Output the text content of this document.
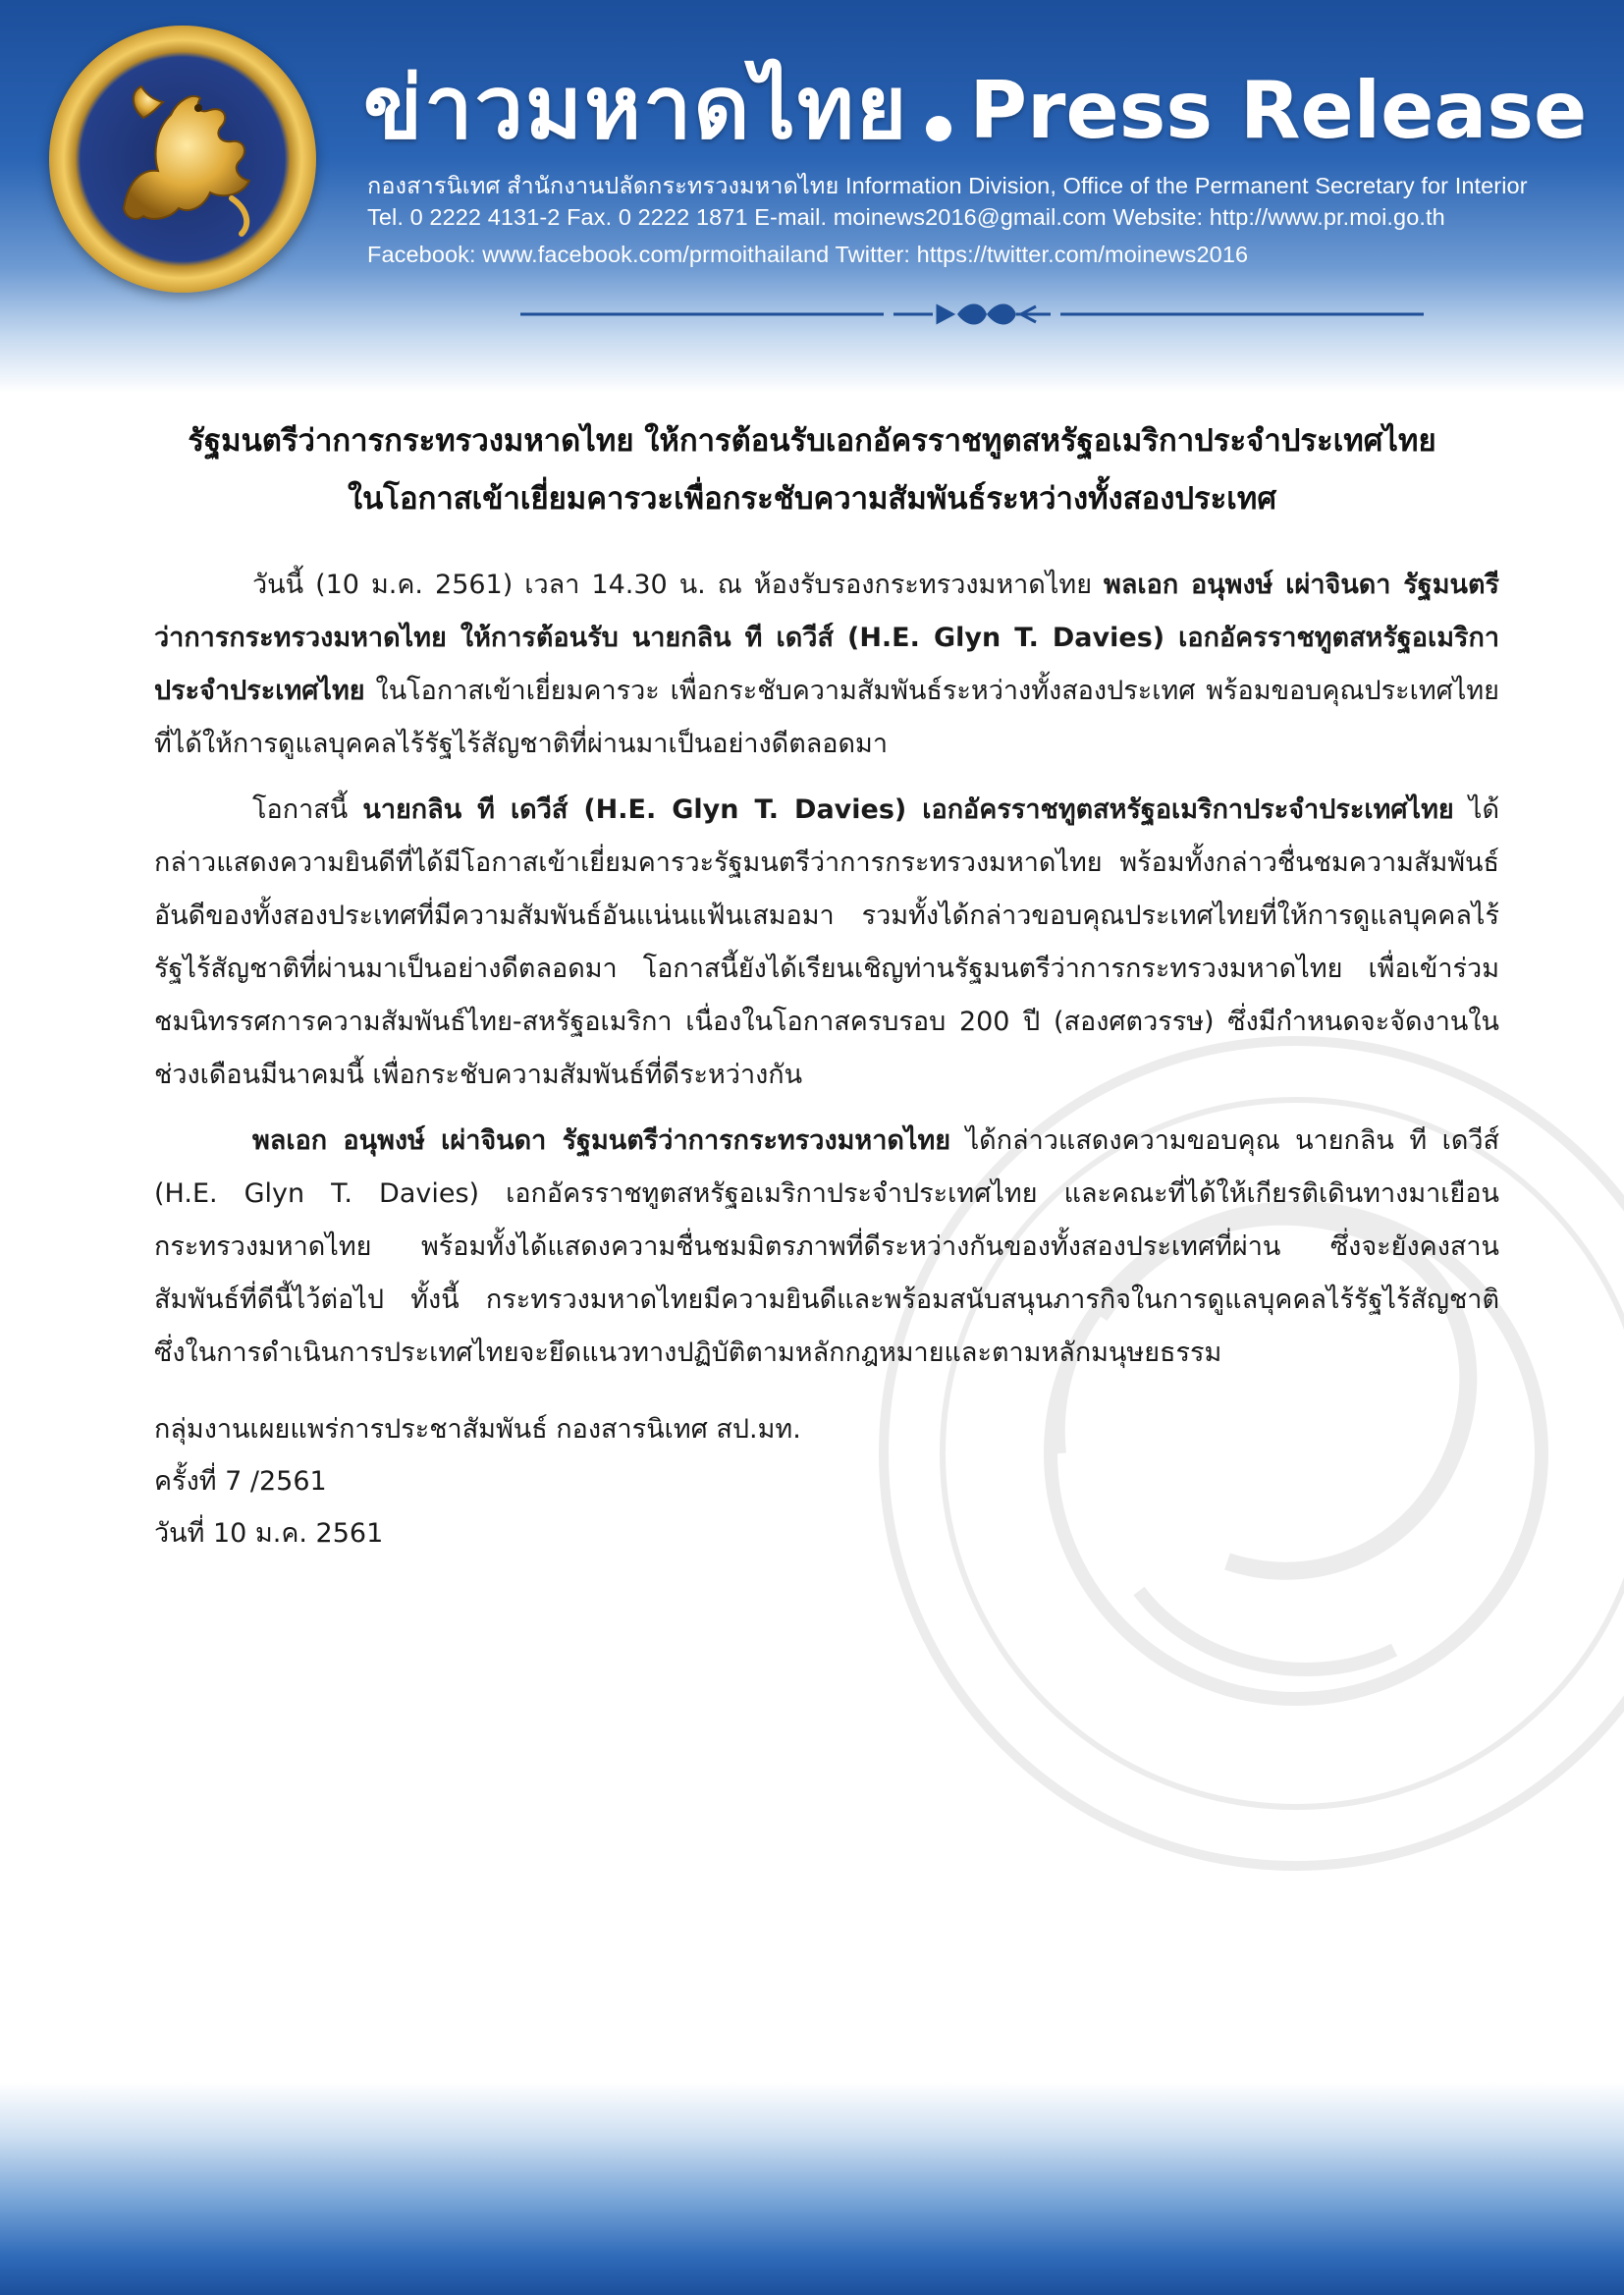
ข่าวมหาดไทย Press Release
กองสารนิเทศ สำนักงานปลัดกระทรวงมหาดไทย Information Division, Office of the Permanent Secretary for Interior
Tel. 0 2222 4131-2 Fax. 0 2222 1871 E-mail. moinews2016@gmail.com Website: http://www.pr.moi.go.th
Facebook: www.facebook.com/prmoithailand Twitter: https://twitter.com/moinews2016
รัฐมนตรีว่าการกระทรวงมหาดไทย ให้การต้อนรับเอกอัครราชทูตสหรัฐอเมริกาประจำประเทศไทย
ในโอกาสเข้าเยี่ยมคารวะเพื่อกระชับความสัมพันธ์ระหว่างทั้งสองประเทศ

วันนี้ (10 ม.ค. 2561) เวลา 14.30 น. ณ ห้องรับรองกระทรวงมหาดไทย พลเอก อนุพงษ์ เผ่าจินดา รัฐมนตรีว่าการกระทรวงมหาดไทย ให้การต้อนรับ นายกลิน ที เดวีส์ (H.E. Glyn T. Davies) เอกอัครราชทูตสหรัฐอเมริกาประจำประเทศไทย ในโอกาสเข้าเยี่ยมคารวะ เพื่อกระชับความสัมพันธ์ระหว่างทั้งสองประเทศ พร้อมขอบคุณประเทศไทยที่ได้ให้การดูแลบุคคลไร้รัฐไร้สัญชาติที่ผ่านมาเป็นอย่างดีตลอดมา

โอกาสนี้ นายกลิน ที เดวีส์ (H.E. Glyn T. Davies) เอกอัครราชทูตสหรัฐอเมริกาประจำประเทศไทย ได้กล่าวแสดงความยินดีที่ได้มีโอกาสเข้าเยี่ยมคารวะรัฐมนตรีว่าการกระทรวงมหาดไทย พร้อมทั้งกล่าวชื่นชมความสัมพันธ์อันดีของทั้งสองประเทศที่มีความสัมพันธ์อันแน่นแฟ้นเสมอมา รวมทั้งได้กล่าวขอบคุณประเทศไทยที่ให้การดูแลบุคคลไร้รัฐไร้สัญชาติที่ผ่านมาเป็นอย่างดีตลอดมา โอกาสนี้ยังได้เรียนเชิญท่านรัฐมนตรีว่าการกระทรวงมหาดไทย เพื่อเข้าร่วมชมนิทรรศการความสัมพันธ์ไทย-สหรัฐอเมริกา เนื่องในโอกาสครบรอบ 200 ปี (สองศตวรรษ) ซึ่งมีกำหนดจะจัดงานในช่วงเดือนมีนาคมนี้ เพื่อกระชับความสัมพันธ์ที่ดีระหว่างกัน

พลเอก อนุพงษ์ เผ่าจินดา รัฐมนตรีว่าการกระทรวงมหาดไทย ได้กล่าวแสดงความขอบคุณ นายกลิน ที เดวีส์ (H.E. Glyn T. Davies) เอกอัครราชทูตสหรัฐอเมริกาประจำประเทศไทย และคณะที่ได้ให้เกียรติเดินทางมาเยือนกระทรวงมหาดไทย พร้อมทั้งได้แสดงความชื่นชมมิตรภาพที่ดีระหว่างกันของทั้งสองประเทศที่ผ่าน ซึ่งจะยังคงสานสัมพันธ์ที่ดีนี้ไว้ต่อไป ทั้งนี้ กระทรวงมหาดไทยมีความยินดีและพร้อมสนับสนุนภารกิจในการดูแลบุคคลไร้รัฐไร้สัญชาติ ซึ่งในการดำเนินการประเทศไทยจะยึดแนวทางปฏิบัติตามหลักกฎหมายและตามหลักมนุษยธรรม

กลุ่มงานเผยแพร่การประชาสัมพันธ์ กองสารนิเทศ สป.มท.
ครั้งที่ 7 /2561
วันที่ 10 ม.ค. 2561
